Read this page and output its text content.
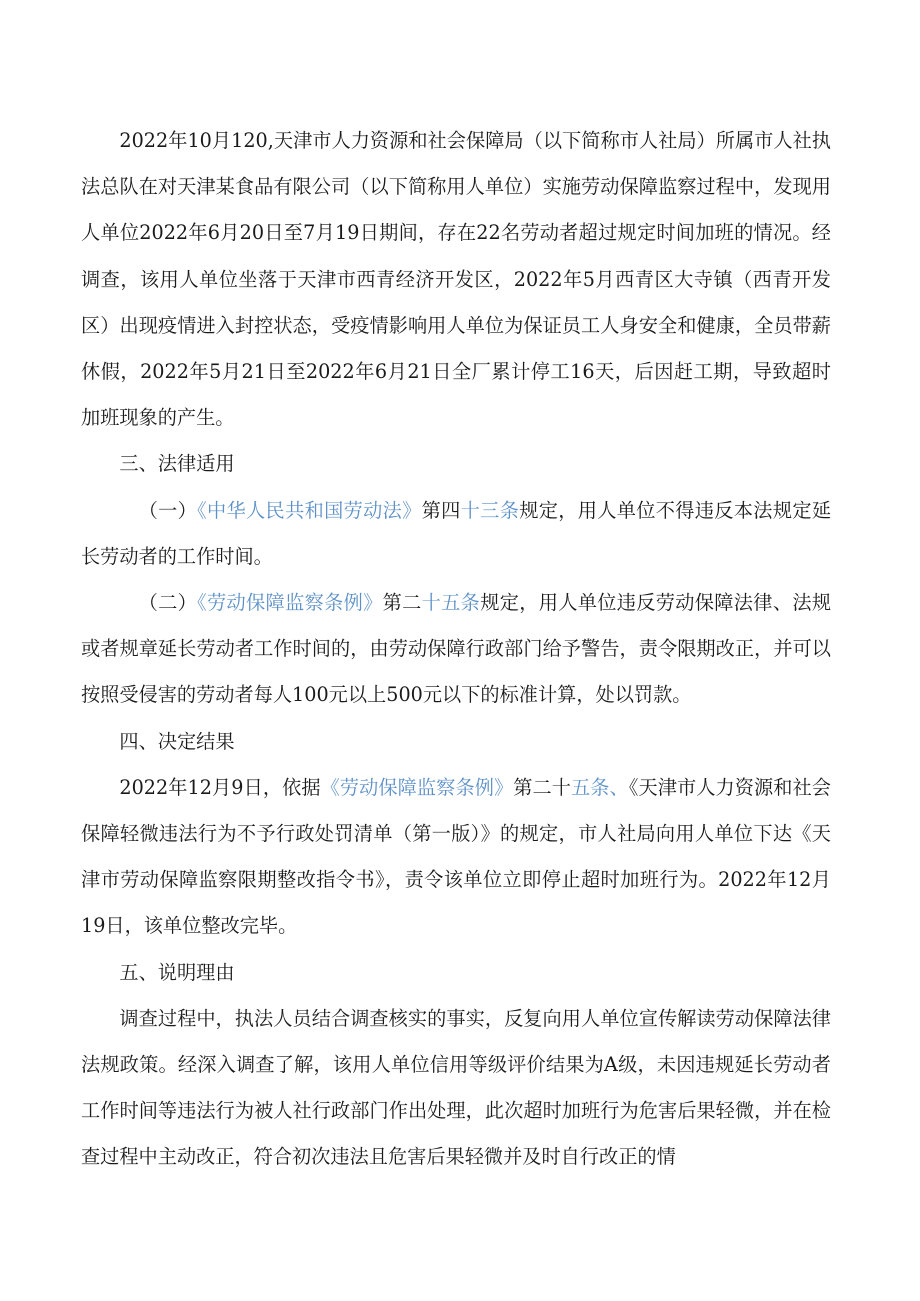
2022年10月120,天津市人力资源和社会保障局（以下简称市人社局）所属市人社执法总队在对天津某食品有限公司（以下简称用人单位）实施劳动保障监察过程中，发现用人单位2022年6月20日至7月19日期间，存在22名劳动者超过规定时间加班的情况。经调查，该用人单位坐落于天津市西青经济开发区，2022年5月西青区大寺镇（西青开发区）出现疫情进入封控状态，受疫情影响用人单位为保证员工人身安全和健康，全员带薪休假，2022年5月21日至2022年6月21日全厂累计停工16天，后因赶工期，导致超时加班现象的产生。

三、法律适用

（一）《中华人民共和国劳动法》第四十三条规定，用人单位不得违反本法规定延长劳动者的工作时间。

（二）《劳动保障监察条例》第二十五条规定，用人单位违反劳动保障法律、法规或者规章延长劳动者工作时间的，由劳动保障行政部门给予警告，责令限期改正，并可以按照受侵害的劳动者每人100元以上500元以下的标准计算，处以罚款。

四、决定结果

2022年12月9日，依据《劳动保障监察条例》第二十五条、《天津市人力资源和社会保障轻微违法行为不予行政处罚清单（第一版）》的规定，市人社局向用人单位下达《天津市劳动保障监察限期整改指令书》，责令该单位立即停止超时加班行为。2022年12月19日，该单位整改完毕。

五、说明理由

调查过程中，执法人员结合调查核实的事实，反复向用人单位宣传解读劳动保障法律法规政策。经深入调查了解，该用人单位信用等级评价结果为A级，未因违规延长劳动者工作时间等违法行为被人社行政部门作出处理，此次超时加班行为危害后果轻微，并在检查过程中主动改正，符合初次违法且危害后果轻微并及时自行改正的情
